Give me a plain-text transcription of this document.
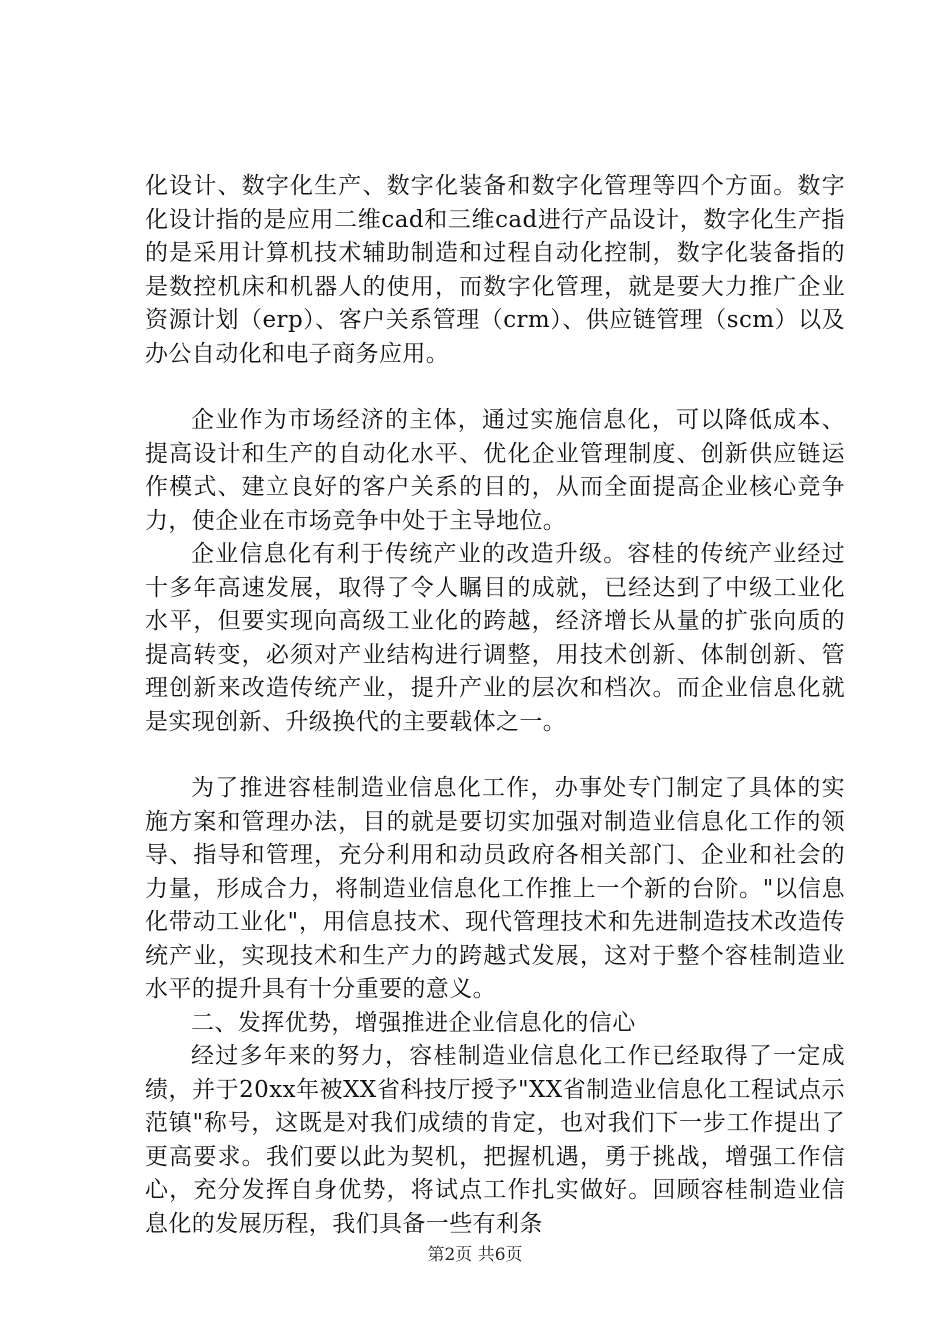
化设计、数字化生产、数字化装备和数字化管理等四个方面。数字化设计指的是应用二维cad和三维cad进行产品设计，数字化生产指的是采用计算机技术辅助制造和过程自动化控制，数字化装备指的是数控机床和机器人的使用，而数字化管理，就是要大力推广企业资源计划（erp）、客户关系管理（crm）、供应链管理（scm）以及办公自动化和电子商务应用。

企业作为市场经济的主体，通过实施信息化，可以降低成本、提高设计和生产的自动化水平、优化企业管理制度、创新供应链运作模式、建立良好的客户关系的目的，从而全面提高企业核心竞争力，使企业在市场竞争中处于主导地位。

企业信息化有利于传统产业的改造升级。容桂的传统产业经过十多年高速发展，取得了令人瞩目的成就，已经达到了中级工业化水平，但要实现向高级工业化的跨越，经济增长从量的扩张向质的提高转变，必须对产业结构进行调整，用技术创新、体制创新、管理创新来改造传统产业，提升产业的层次和档次。而企业信息化就是实现创新、升级换代的主要载体之一。

为了推进容桂制造业信息化工作，办事处专门制定了具体的实施方案和管理办法，目的就是要切实加强对制造业信息化工作的领导、指导和管理，充分利用和动员政府各相关部门、企业和社会的力量，形成合力，将制造业信息化工作推上一个新的台阶。"以信息化带动工业化"，用信息技术、现代管理技术和先进制造技术改造传统产业，实现技术和生产力的跨越式发展，这对于整个容桂制造业水平的提升具有十分重要的意义。

二、发挥优势，增强推进企业信息化的信心

经过多年来的努力，容桂制造业信息化工作已经取得了一定成绩，并于20xx年被XX省科技厅授予"XX省制造业信息化工程试点示范镇"称号，这既是对我们成绩的肯定，也对我们下一步工作提出了更高要求。我们要以此为契机，把握机遇，勇于挑战，增强工作信心，充分发挥自身优势，将试点工作扎实做好。回顾容桂制造业信息化的发展历程，我们具备一些有利条

第2页 共6页
